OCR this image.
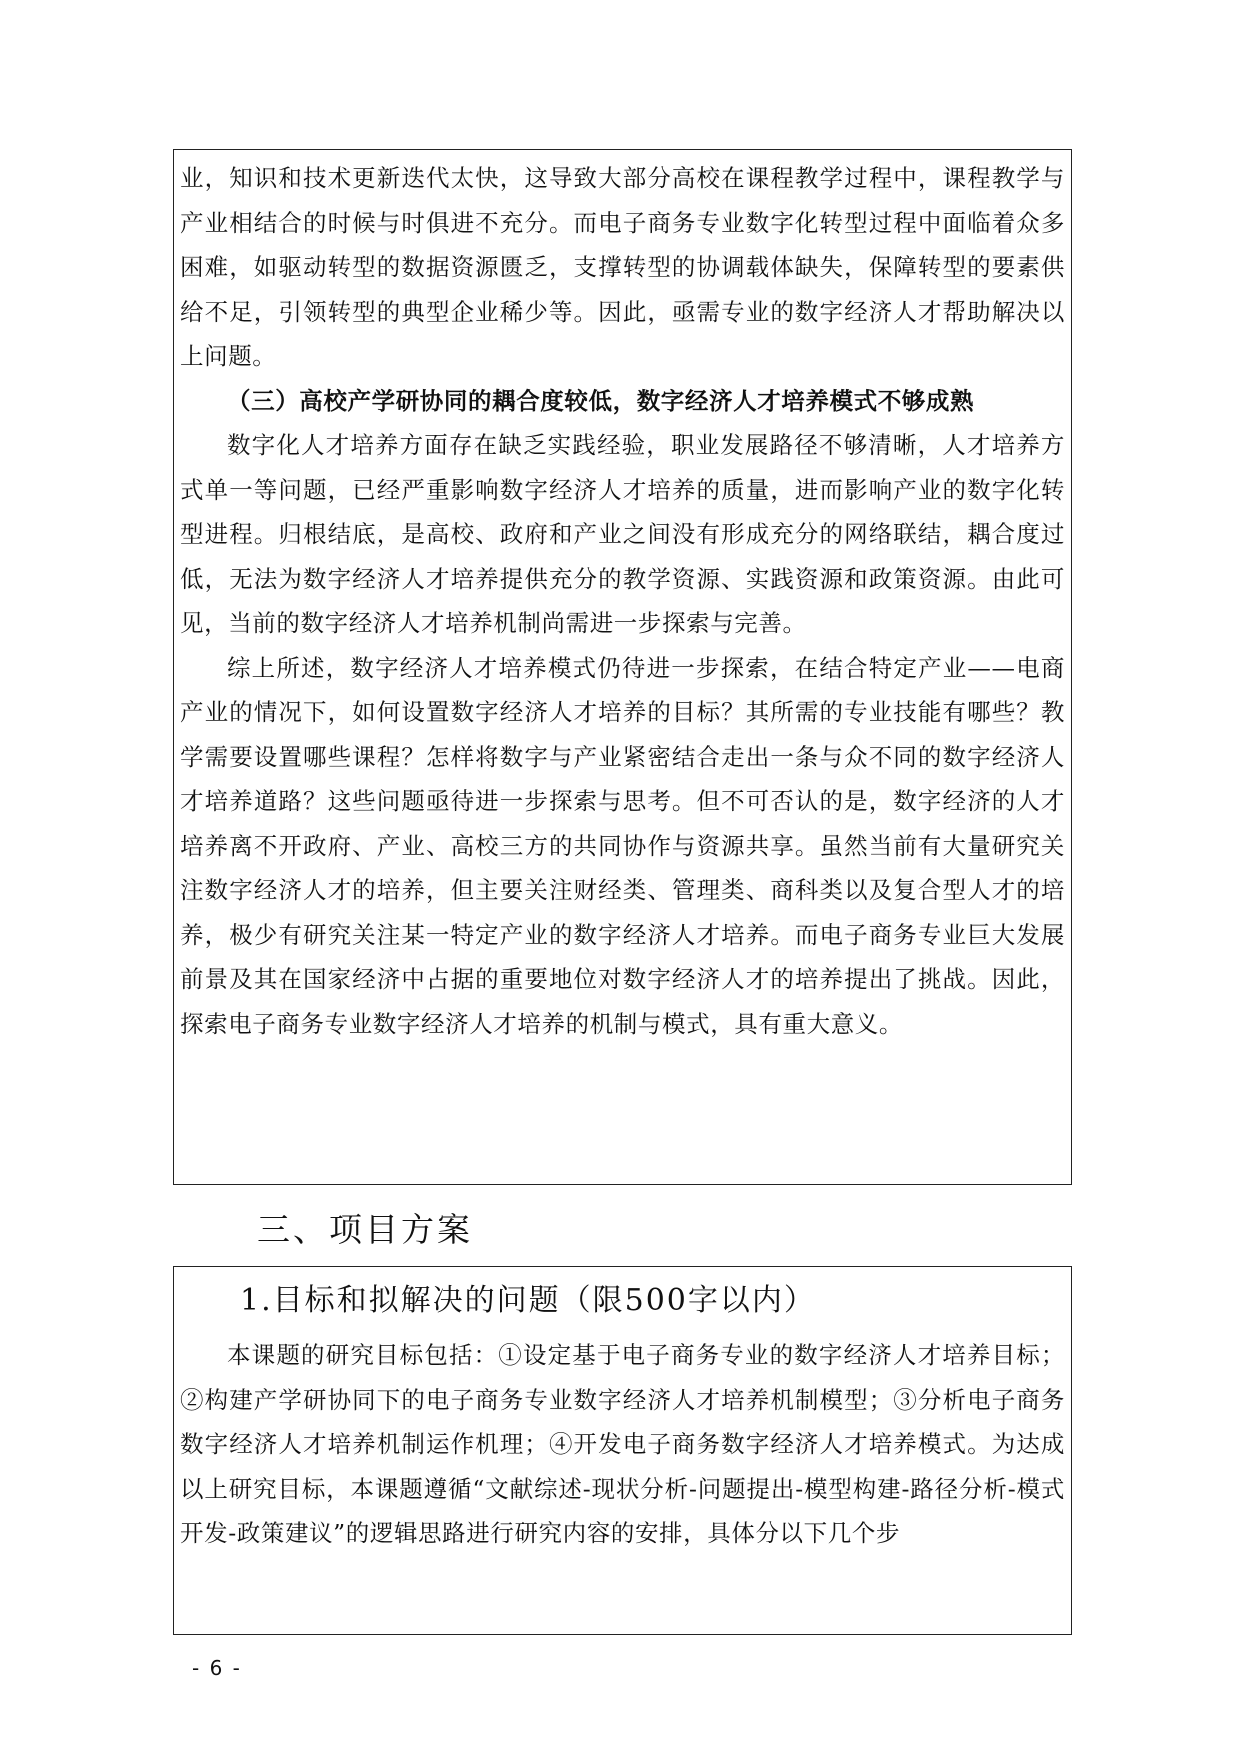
业，知识和技术更新迭代太快，这导致大部分高校在课程教学过程中，课程教学与产业相结合的时候与时俱进不充分。而电子商务专业数字化转型过程中面临着众多困难，如驱动转型的数据资源匮乏，支撑转型的协调载体缺失，保障转型的要素供给不足，引领转型的典型企业稀少等。因此，亟需专业的数字经济人才帮助解决以上问题。

（三）高校产学研协同的耦合度较低，数字经济人才培养模式不够成熟

数字化人才培养方面存在缺乏实践经验，职业发展路径不够清晰，人才培养方式单一等问题，已经严重影响数字经济人才培养的质量，进而影响产业的数字化转型进程。归根结底，是高校、政府和产业之间没有形成充分的网络联结，耦合度过低，无法为数字经济人才培养提供充分的教学资源、实践资源和政策资源。由此可见，当前的数字经济人才培养机制尚需进一步探索与完善。

综上所述，数字经济人才培养模式仍待进一步探索，在结合特定产业——电商产业的情况下，如何设置数字经济人才培养的目标？其所需的专业技能有哪些？教学需要设置哪些课程？怎样将数字与产业紧密结合走出一条与众不同的数字经济人才培养道路？这些问题亟待进一步探索与思考。但不可否认的是，数字经济的人才培养离不开政府、产业、高校三方的共同协作与资源共享。虽然当前有大量研究关注数字经济人才的培养，但主要关注财经类、管理类、商科类以及复合型人才的培养，极少有研究关注某一特定产业的数字经济人才培养。而电子商务专业巨大发展前景及其在国家经济中占据的重要地位对数字经济人才的培养提出了挑战。因此，探索电子商务专业数字经济人才培养的机制与模式，具有重大意义。

三、项目方案
1.目标和拟解决的问题（限500字以内）

本课题的研究目标包括：①设定基于电子商务专业的数字经济人才培养目标；②构建产学研协同下的电子商务专业数字经济人才培养机制模型；③分析电子商务数字经济人才培养机制运作机理；④开发电子商务数字经济人才培养模式。为达成以上研究目标，本课题遵循“文献综述-现状分析-问题提出-模型构建-路径分析-模式开发-政策建议”的逻辑思路进行研究内容的安排，具体分以下几个步

- 6 -
